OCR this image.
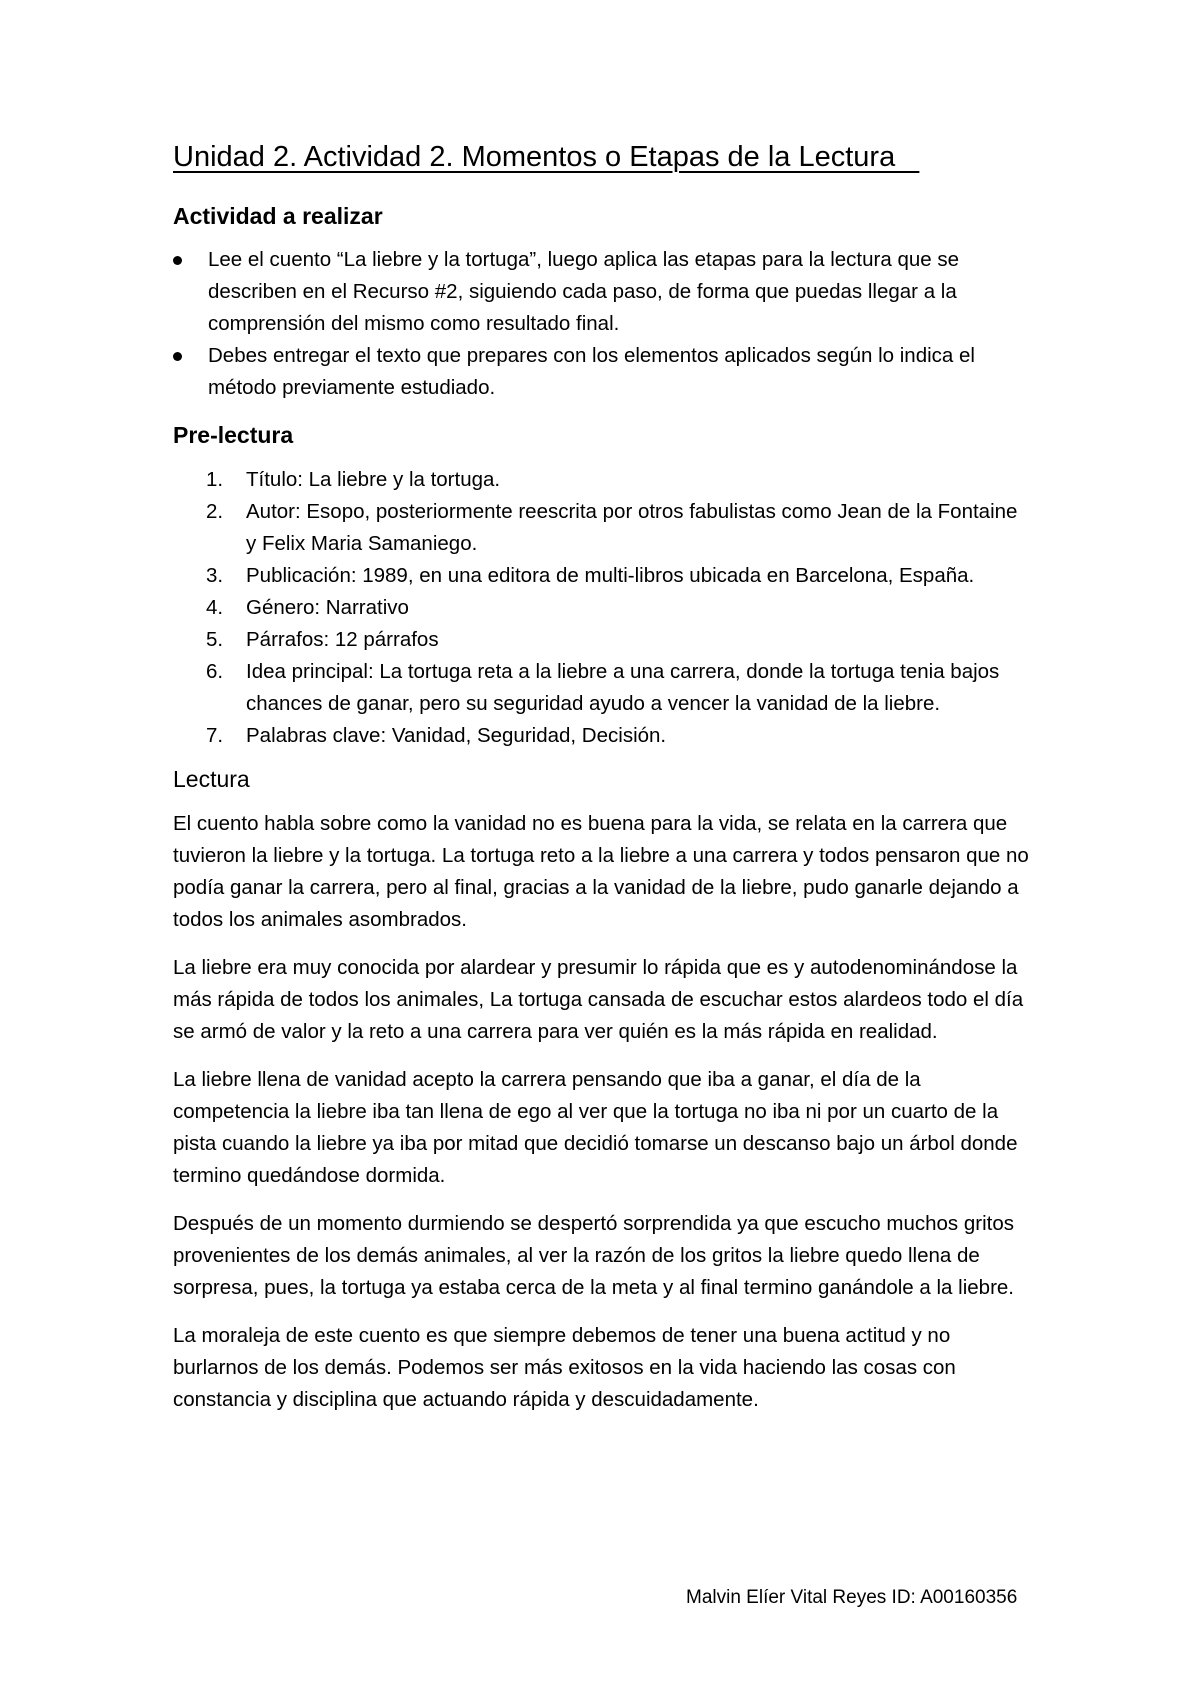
Unidad 2. Actividad 2. Momentos o Etapas de la Lectura
Actividad a realizar
Lee el cuento “La liebre y la tortuga”, luego aplica las etapas para la lectura que se describen en el Recurso #2, siguiendo cada paso, de forma que puedas llegar a la comprensión del mismo como resultado final.
Debes entregar el texto que prepares con los elementos aplicados según lo indica el método previamente estudiado.
Pre-lectura
1. Título: La liebre y la tortuga.
2. Autor: Esopo, posteriormente reescrita por otros fabulistas como Jean de la Fontaine y Felix Maria Samaniego.
3. Publicación: 1989, en una editora de multi-libros ubicada en Barcelona, España.
4. Género: Narrativo
5. Párrafos: 12 párrafos
6. Idea principal: La tortuga reta a la liebre a una carrera, donde la tortuga tenia bajos chances de ganar, pero su seguridad ayudo a vencer la vanidad de la liebre.
7. Palabras clave: Vanidad, Seguridad, Decisión.
Lectura

El cuento habla sobre como la vanidad no es buena para la vida, se relata en la carrera que tuvieron la liebre y la tortuga. La tortuga reto a la liebre a una carrera y todos pensaron que no podía ganar la carrera, pero al final, gracias a la vanidad de la liebre, pudo ganarle dejando a todos los animales asombrados.

La liebre era muy conocida por alardear y presumir lo rápida que es y autodenominándose la más rápida de todos los animales, La tortuga cansada de escuchar estos alardeos todo el día se armó de valor y la reto a una carrera para ver quién es la más rápida en realidad.

La liebre llena de vanidad acepto la carrera pensando que iba a ganar, el día de la competencia la liebre iba tan llena de ego al ver que la tortuga no iba ni por un cuarto de la pista cuando la liebre ya iba por mitad que decidió tomarse un descanso bajo un árbol donde termino quedándose dormida.

Después de un momento durmiendo se despertó sorprendida ya que escucho muchos gritos provenientes de los demás animales, al ver la razón de los gritos la liebre quedo llena de sorpresa, pues, la tortuga ya estaba cerca de la meta y al final termino ganándole a la liebre.

La moraleja de este cuento es que siempre debemos de tener una buena actitud y no burlarnos de los demás. Podemos ser más exitosos en la vida haciendo las cosas con constancia y disciplina que actuando rápida y descuidadamente.

Malvin Elíer Vital Reyes ID: A00160356
